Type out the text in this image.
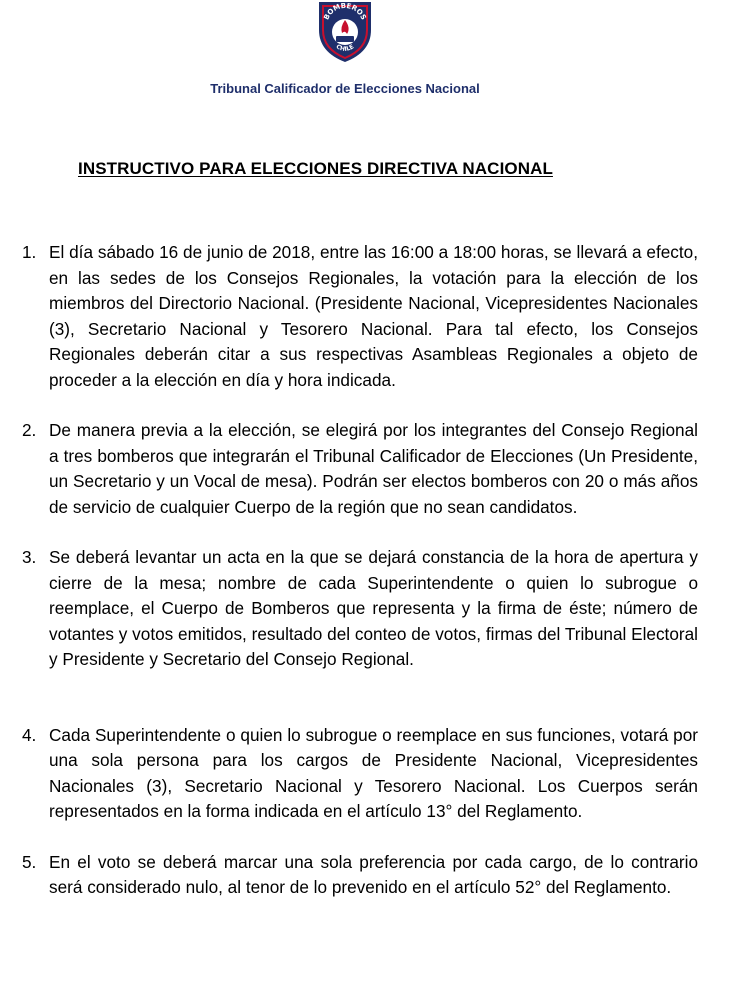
BOMBEROS
CHILE
Tribunal Calificador de Elecciones Nacional
INSTRUCTIVO PARA ELECCIONES DIRECTIVA NACIONAL
1. El día sábado 16 de junio de 2018, entre las 16:00 a 18:00 horas, se llevará a efecto, en las sedes de los Consejos Regionales, la votación para la elección de los miembros del Directorio Nacional. (Presidente Nacional, Vicepresidentes Nacionales (3), Secretario Nacional y Tesorero Nacional. Para tal efecto, los Consejos Regionales deberán citar a sus respectivas Asambleas Regionales a objeto de proceder a la elección en día y hora indicada.
2. De manera previa a la elección, se elegirá por los integrantes del Consejo Regional a tres bomberos que integrarán el Tribunal Calificador de Elecciones (Un Presidente, un Secretario y un Vocal de mesa). Podrán ser electos bomberos con 20 o más años de servicio de cualquier Cuerpo de la región que no sean candidatos.
3. Se deberá levantar un acta en la que se dejará constancia de la hora de apertura y cierre de la mesa; nombre de cada Superintendente o quien lo subrogue o reemplace, el Cuerpo de Bomberos que representa y la firma de éste; número de votantes y votos emitidos, resultado del conteo de votos, firmas del Tribunal Electoral y Presidente y Secretario del Consejo Regional.
4. Cada Superintendente o quien lo subrogue o reemplace en sus funciones, votará por una sola persona para los cargos de Presidente Nacional, Vicepresidentes Nacionales (3), Secretario Nacional y Tesorero Nacional. Los Cuerpos serán representados en la forma indicada en el artículo 13° del Reglamento.
5. En el voto se deberá marcar una sola preferencia por cada cargo, de lo contrario será considerado nulo, al tenor de lo prevenido en el artículo 52° del Reglamento.
